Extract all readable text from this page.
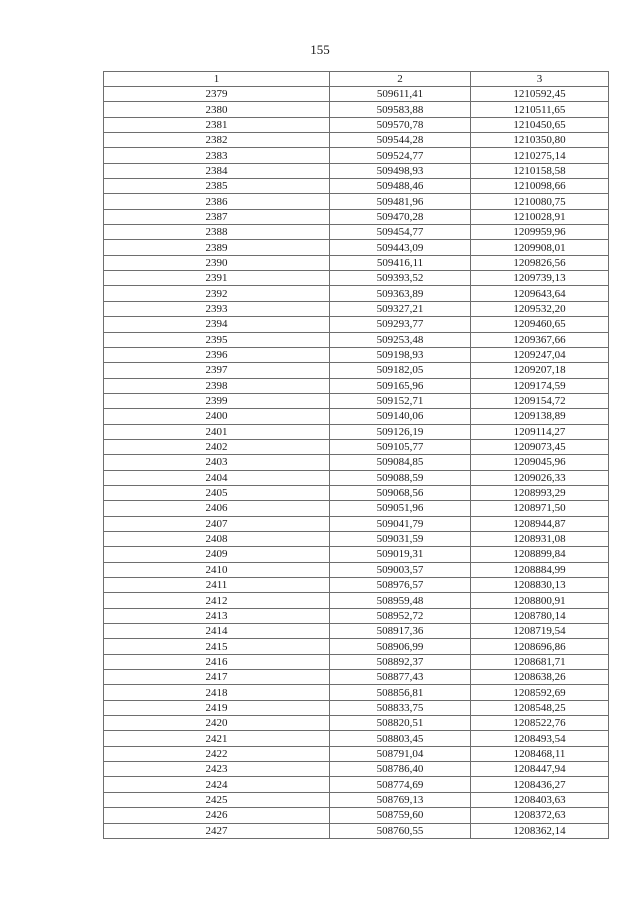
155
1	2	3
2379	509611,41	1210592,45
2380	509583,88	1210511,65
2381	509570,78	1210450,65
2382	509544,28	1210350,80
2383	509524,77	1210275,14
2384	509498,93	1210158,58
2385	509488,46	1210098,66
2386	509481,96	1210080,75
2387	509470,28	1210028,91
2388	509454,77	1209959,96
2389	509443,09	1209908,01
2390	509416,11	1209826,56
2391	509393,52	1209739,13
2392	509363,89	1209643,64
2393	509327,21	1209532,20
2394	509293,77	1209460,65
2395	509253,48	1209367,66
2396	509198,93	1209247,04
2397	509182,05	1209207,18
2398	509165,96	1209174,59
2399	509152,71	1209154,72
2400	509140,06	1209138,89
2401	509126,19	1209114,27
2402	509105,77	1209073,45
2403	509084,85	1209045,96
2404	509088,59	1209026,33
2405	509068,56	1208993,29
2406	509051,96	1208971,50
2407	509041,79	1208944,87
2408	509031,59	1208931,08
2409	509019,31	1208899,84
2410	509003,57	1208884,99
2411	508976,57	1208830,13
2412	508959,48	1208800,91
2413	508952,72	1208780,14
2414	508917,36	1208719,54
2415	508906,99	1208696,86
2416	508892,37	1208681,71
2417	508877,43	1208638,26
2418	508856,81	1208592,69
2419	508833,75	1208548,25
2420	508820,51	1208522,76
2421	508803,45	1208493,54
2422	508791,04	1208468,11
2423	508786,40	1208447,94
2424	508774,69	1208436,27
2425	508769,13	1208403,63
2426	508759,60	1208372,63
2427	508760,55	1208362,14
